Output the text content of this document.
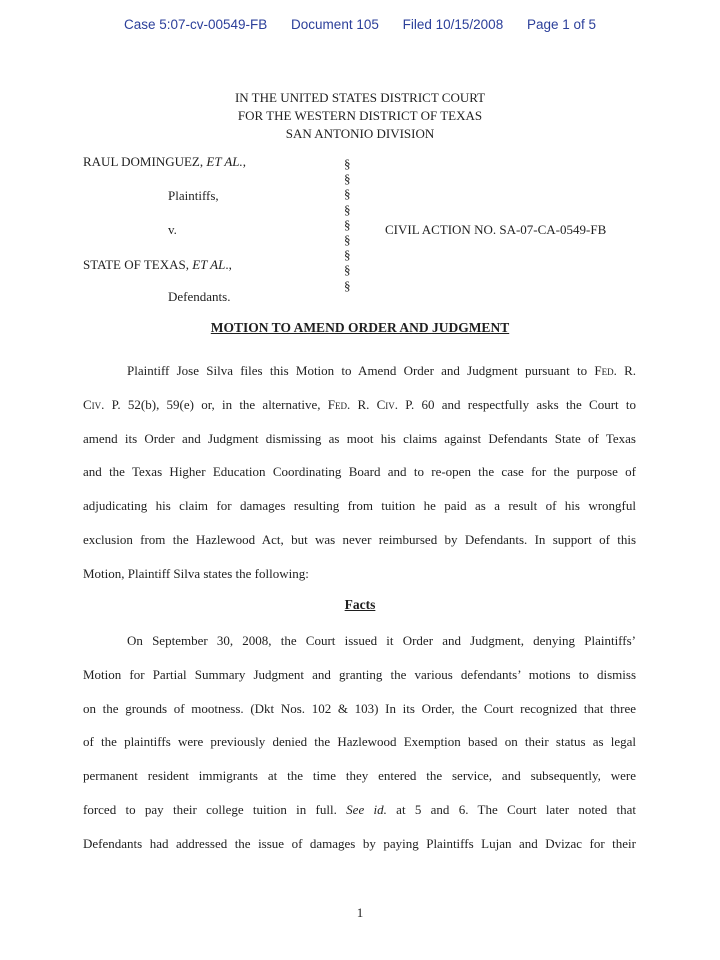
Case 5:07-cv-00549-FB Document 105 Filed 10/15/2008 Page 1 of 5
IN THE UNITED STATES DISTRICT COURT
FOR THE WESTERN DISTRICT OF TEXAS
SAN ANTONIO DIVISION
RAUL DOMINGUEZ, ET AL.,
Plaintiffs,
v.
STATE OF TEXAS, ET AL.,
Defendants.
§
§
§
§
§
§
§
§
§
CIVIL ACTION NO. SA-07-CA-0549-FB
MOTION TO AMEND ORDER AND JUDGMENT
Plaintiff Jose Silva files this Motion to Amend Order and Judgment pursuant to Fed. R.
Civ. P. 52(b), 59(e) or, in the alternative, Fed. R. Civ. P. 60 and respectfully asks the Court to
amend its Order and Judgment dismissing as moot his claims against Defendants State of Texas
and the Texas Higher Education Coordinating Board and to re-open the case for the purpose of
adjudicating his claim for damages resulting from tuition he paid as a result of his wrongful
exclusion from the Hazlewood Act, but was never reimbursed by Defendants. In support of this
Motion, Plaintiff Silva states the following:
Facts
On September 30, 2008, the Court issued it Order and Judgment, denying Plaintiffs’
Motion for Partial Summary Judgment and granting the various defendants’ motions to dismiss
on the grounds of mootness. (Dkt Nos. 102 & 103) In its Order, the Court recognized that three
of the plaintiffs were previously denied the Hazlewood Exemption based on their status as legal
permanent resident immigrants at the time they entered the service, and subsequently, were
forced to pay their college tuition in full. See id. at 5 and 6. The Court later noted that
Defendants had addressed the issue of damages by paying Plaintiffs Lujan and Dvizac for their
1
